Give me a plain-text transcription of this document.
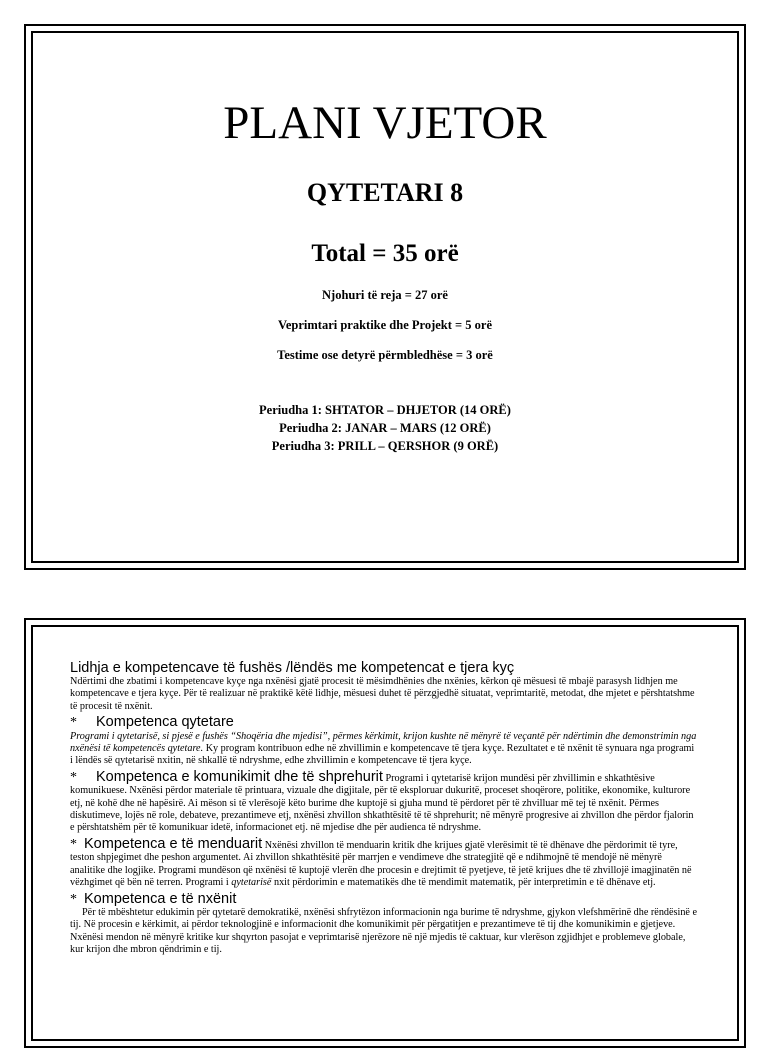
PLANI VJETOR
QYTETARI 8
Total = 35 orë

Njohuri të reja = 27 orë

Veprimtari praktike dhe Projekt = 5 orë

Testime ose detyrë përmbledhëse = 3 orë

Periudha 1: SHTATOR – DHJETOR (14 ORË)
Periudha 2: JANAR – MARS (12 ORË)
Periudha 3: PRILL – QERSHOR (9 ORË)

Lidhja e kompetencave të fushës /lëndës me kompetencat e tjera kyç

Ndërtimi dhe zbatimi i kompetencave kyçe nga nxënësi gjatë procesit të mësimdhënies dhe nxënies, kërkon që mësuesi të mbajë parasysh lidhjen me kompetencave e tjera kyçe. Për të realizuar në praktikë këtë lidhje, mësuesi duhet të përzgjedhë situatat, veprimtaritë, metodat, dhe mjetet e përshtatshme të procesit të nxënit.

* Kompetenca qytetare

Programi i qytetarisë, si pjesë e fushës “Shoqëria dhe mjedisi”, përmes kërkimit, krijon kushte në mënyrë të veçantë për ndërtimin dhe demonstrimin nga nxënësi të kompetencës qytetare. Ky program kontribuon edhe në zhvillimin e kompetencave të tjera kyçe. Rezultatet e të nxënit të synuara nga programi i lëndës së qytetarisë nxitin, në shkallë të ndryshme, edhe zhvillimin e kompetencave të tjera kyçe.

* Kompetenca e komunikimit dhe të shprehurit Programi i qytetarisë krijon mundësi për zhvillimin e shkathtësive komunikuese. Nxënësi përdor materiale të printuara, vizuale dhe digjitale, për të eksploruar dukuritë, proceset shoqërore, politike, ekonomike, kulturore etj, në kohë dhe në hapësirë. Ai mëson si të vlerësojë këto burime dhe kuptojë si gjuha mund të përdoret për të zhvilluar më tej të nxënit. Përmes diskutimeve, lojës në role, debateve, prezantimeve etj, nxënësi zhvillon shkathtësitë të të shprehurit; në mënyrë progresive ai zhvillon dhe përdor fjalorin e përshtatshëm për të komunikuar idetë, informacionet etj. në mjedise dhe për audienca të ndryshme.

* Kompetenca e të menduarit Nxënësi zhvillon të menduarin kritik dhe krijues gjatë vlerësimit të të dhënave dhe përdorimit të tyre, teston shpjegimet dhe peshon argumentet. Ai zhvillon shkathtësitë për marrjen e vendimeve dhe strategjitë që e ndihmojnë të mendojë në mënyrë analitike dhe logjike. Programi mundëson që nxënësi të kuptojë vlerën dhe procesin e drejtimit të pyetjeve, të jetë krijues dhe të zhvillojë imagjinatën në vëzhgimet që bën në terren. Programi i qytetarisë nxit përdorimin e matematikës dhe të mendimit matematik, për interpretimin e të dhënave etj.

* Kompetenca e të nxënit

Për të mbështetur edukimin për qytetarë demokratikë, nxënësi shfrytëzon informacionin nga burime të ndryshme, gjykon vlefshmërinë dhe rëndësinë e tij. Në procesin e kërkimit, ai përdor teknologjinë e informacionit dhe komunikimit për përgatitjen e prezantimeve të tij dhe komunikimin e gjetjeve. Nxënësi mendon në mënyrë kritike kur shqyrton pasojat e veprimtarisë njerëzore në një mjedis të caktuar, kur vlerëson zgjidhjet e problemeve globale, kur krijon dhe mbron qëndrimin e tij.
